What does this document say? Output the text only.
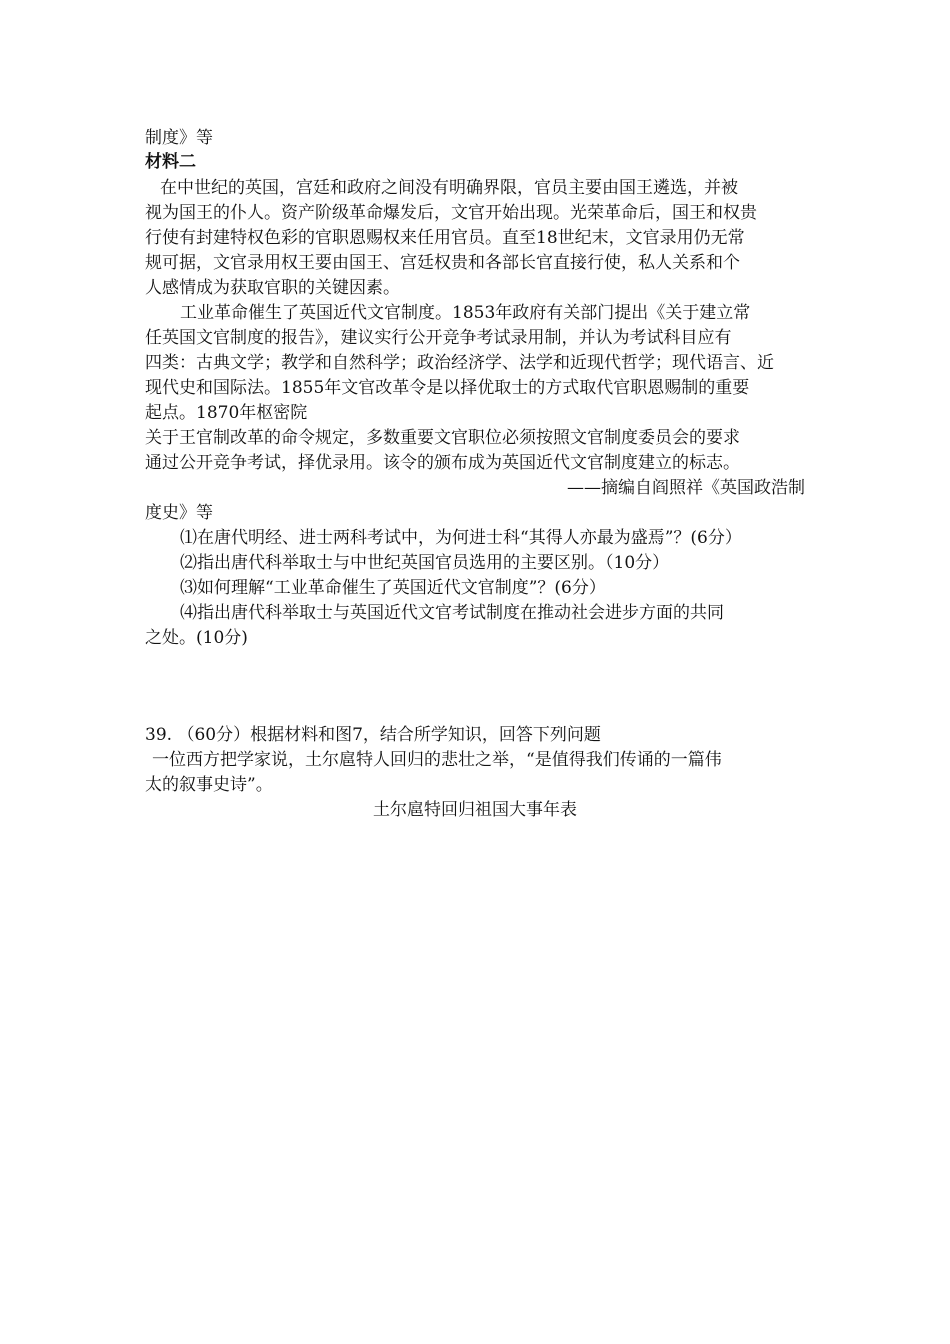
制度》等
材料二
在中世纪的英国，宫廷和政府之间没有明确界限，官员主要由国王遴选，并被
视为国王的仆人。资产阶级革命爆发后，文官开始出现。光荣革命后，国王和权贵
行使有封建特权色彩的官职恩赐权来任用官员。直至18世纪末，文官录用仍无常
规可据，文官录用权王要由国王、宫廷权贵和各部长官直接行使，私人关系和个
人感情成为获取官职的关键因素。
工业革命催生了英国近代文官制度。1853年政府有关部门提出《关于建立常
任英国文官制度的报告》，建议实行公开竞争考试录用制，并认为考试科目应有
四类：古典文学；教学和自然科学；政治经济学、法学和近现代哲学；现代语言、近
现代史和国际法。1855年文官改革令是以择优取士的方式取代官职恩赐制的重要
起点。1870年枢密院
关于王官制改革的命令规定，多数重要文官职位必须按照文官制度委员会的要求
通过公开竞争考试，择优录用。该令的颁布成为英国近代文官制度建立的标志。
——摘编自阎照祥《英国政浩制
度史》等
⑴在唐代明经、进士两科考试中，为何进士科“其得人亦最为盛焉”？(6分）
⑵指出唐代科举取士与中世纪英国官员选用的主要区别。（10分）
⑶如何理解“工业革命催生了英国近代文官制度”？(6分）
⑷指出唐代科举取士与英国近代文官考试制度在推动社会进步方面的共同
之处。(10分)
39. （60分）根据材料和图7，结合所学知识，回答下列问题
一位西方把学家说，土尔扈特人回归的悲壮之举，“是值得我们传诵的一篇伟
太的叙事史诗”。
土尔扈特回归祖国大事年表
